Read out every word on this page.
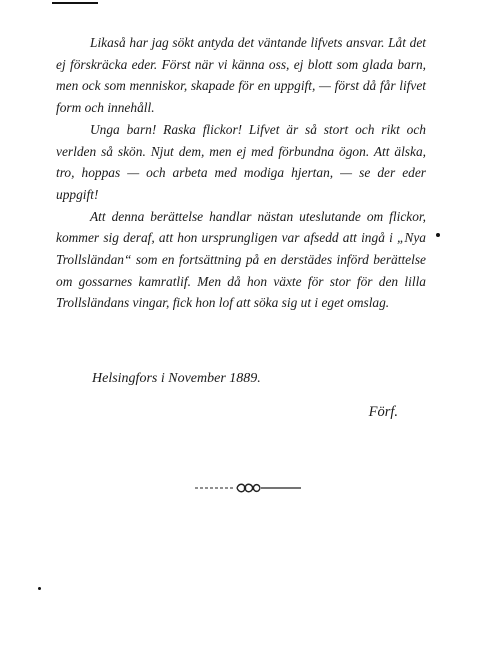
Likaså har jag sökt antyda det väntande lifvets ansvar. Låt det ej förskräcka eder. Först när vi känna oss, ej blott som glada barn, men ock som menniskor, skapade för en uppgift, — först då får lifvet form och innehåll.

Unga barn! Raska flickor! Lifvet är så stort och rikt och verlden så skön. Njut dem, men ej med förbundna ögon. Att älska, tro, hoppas — och arbeta med modiga hjertan, — se der eder uppgift!

Att denna berättelse handlar nästan uteslutande om flickor, kommer sig deraf, att hon ursprungligen var afsedd att ingå i „Nya Trollsländan“ som en fortsättning på en derstädes införd berättelse om gossarnes kamratlif. Men då hon växte för stor för den lilla Trollsländans vingar, fick hon lof att söka sig ut i eget omslag.

Helsingfors i November 1889.
Förf.
